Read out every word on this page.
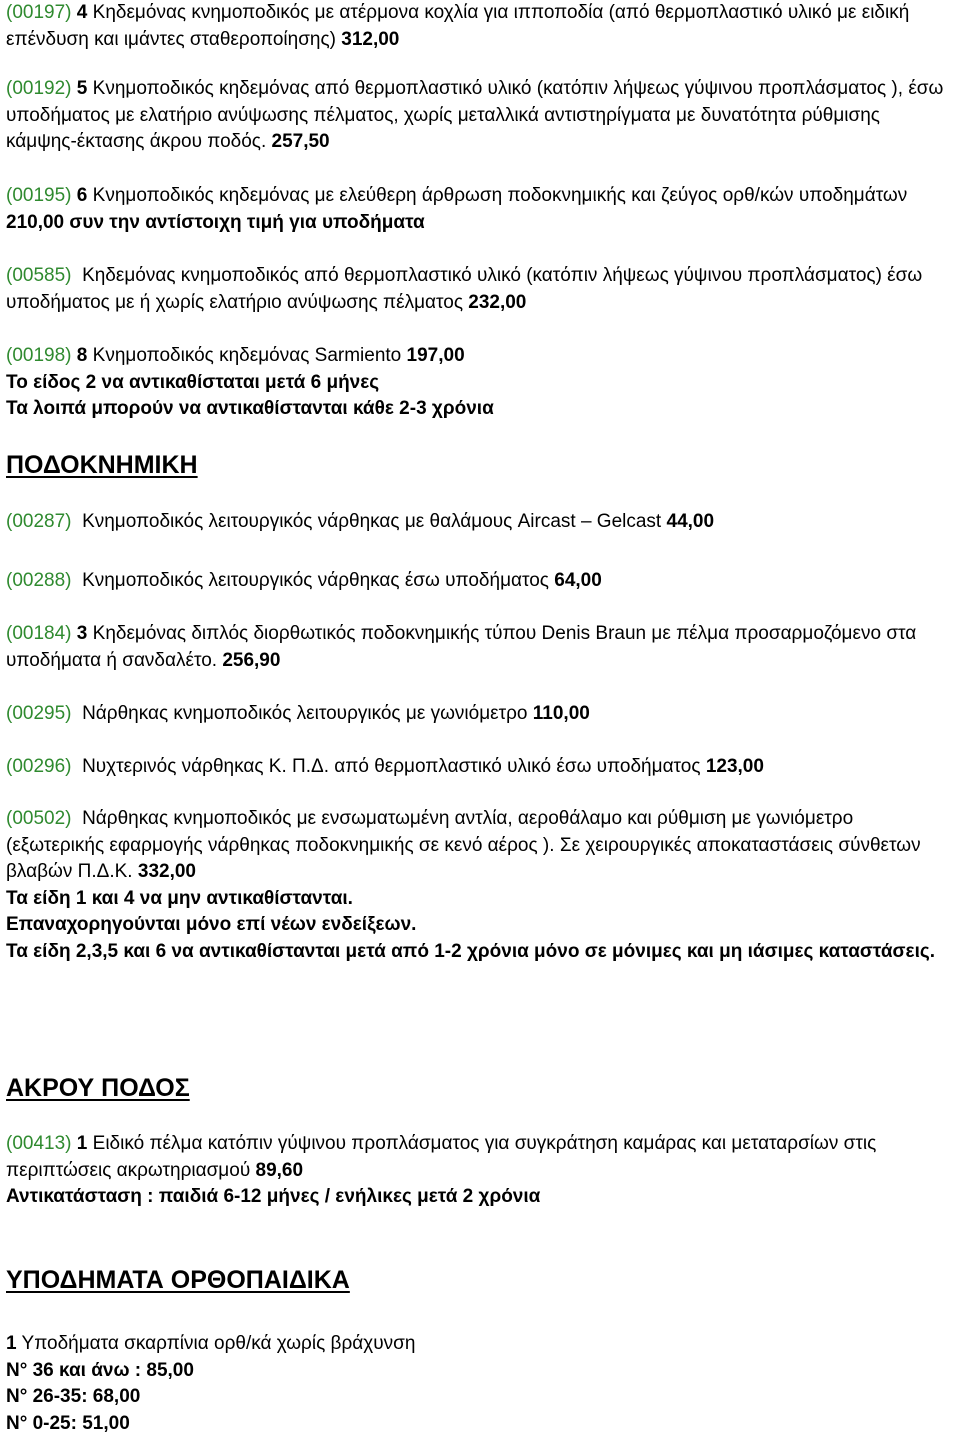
(00197) 4 Κηδεμόνας κνημοποδικός με ατέρμονα κοχλία για ιπποποδία (από θερμοπλαστικό υλικό με ειδική επένδυση και ιμάντες σταθεροποίησης) 312,00

(00192) 5 Κνημοποδικός κηδεμόνας από θερμοπλαστικό υλικό (κατόπιν λήψεως γύψινου προπλάσματος ), έσω υποδήματος με ελατήριο ανύψωσης πέλματος, χωρίς μεταλλικά αντιστηρίγματα με δυνατότητα ρύθμισης κάμψης-έκτασης άκρου ποδός. 257,50

(00195) 6 Κνημοποδικός κηδεμόνας με ελεύθερη άρθρωση ποδοκνημικής και ζεύγος ορθ/κών υποδημάτων 210,00 συν την αντίστοιχη τιμή για υποδήματα

(00585) Κηδεμόνας κνημοποδικός από θερμοπλαστικό υλικό (κατόπιν λήψεως γύψινου προπλάσματος) έσω υποδήματος με ή χωρίς ελατήριο ανύψωσης πέλματος 232,00

(00198) 8 Κνημοποδικός κηδεμόνας Sarmiento 197,00
Το είδος 2 να αντικαθίσταται μετά 6 μήνες
Τα λοιπά μπορούν να αντικαθίστανται κάθε 2-3 χρόνια

ΠΟΔΟΚΝΗΜΙΚΗ

(00287) Κνημοποδικός λειτουργικός νάρθηκας με θαλάμους Aircast – Gelcast 44,00

(00288) Κνημοποδικός λειτουργικός νάρθηκας έσω υποδήματος 64,00

(00184) 3 Κηδεμόνας διπλός διορθωτικός ποδοκνημικής τύπου Denis Braun με πέλμα προσαρμοζόμενο στα υποδήματα ή σανδαλέτο. 256,90

(00295) Νάρθηκας κνημοποδικός λειτουργικός με γωνιόμετρο 110,00

(00296) Νυχτερινός νάρθηκας Κ. Π.Δ. από θερμοπλαστικό υλικό έσω υποδήματος 123,00

(00502) Νάρθηκας κνημοποδικός με ενσωματωμένη αντλία, αεροθάλαμο και ρύθμιση με γωνιόμετρο
(εξωτερικής εφαρμογής νάρθηκας ποδοκνημικής σε κενό αέρος ). Σε χειρουργικές αποκαταστάσεις σύνθετων βλαβών Π.Δ.Κ. 332,00
Τα είδη 1 και 4 να μην αντικαθίστανται.
Επαναχορηγούνται μόνο επί νέων ενδείξεων.
Τα είδη 2,3,5 και 6 να αντικαθίστανται μετά από 1-2 χρόνια μόνο σε μόνιμες και μη ιάσιμες καταστάσεις.

ΑΚΡΟΥ ΠΟΔΟΣ

(00413) 1 Ειδικό πέλμα κατόπιν γύψινου προπλάσματος για συγκράτηση καμάρας και μεταταρσίων στις περιπτώσεις ακρωτηριασμού 89,60
Αντικατάσταση : παιδιά 6-12 μήνες / ενήλικες μετά 2 χρόνια

ΥΠΟΔΗΜΑΤΑ ΟΡΘΟΠΑΙΔΙΚΑ

1 Υποδήματα σκαρπίνια ορθ/κά χωρίς βράχυνση
N° 36 και άνω : 85,00
N° 26-35: 68,00
N° 0-25: 51,00
